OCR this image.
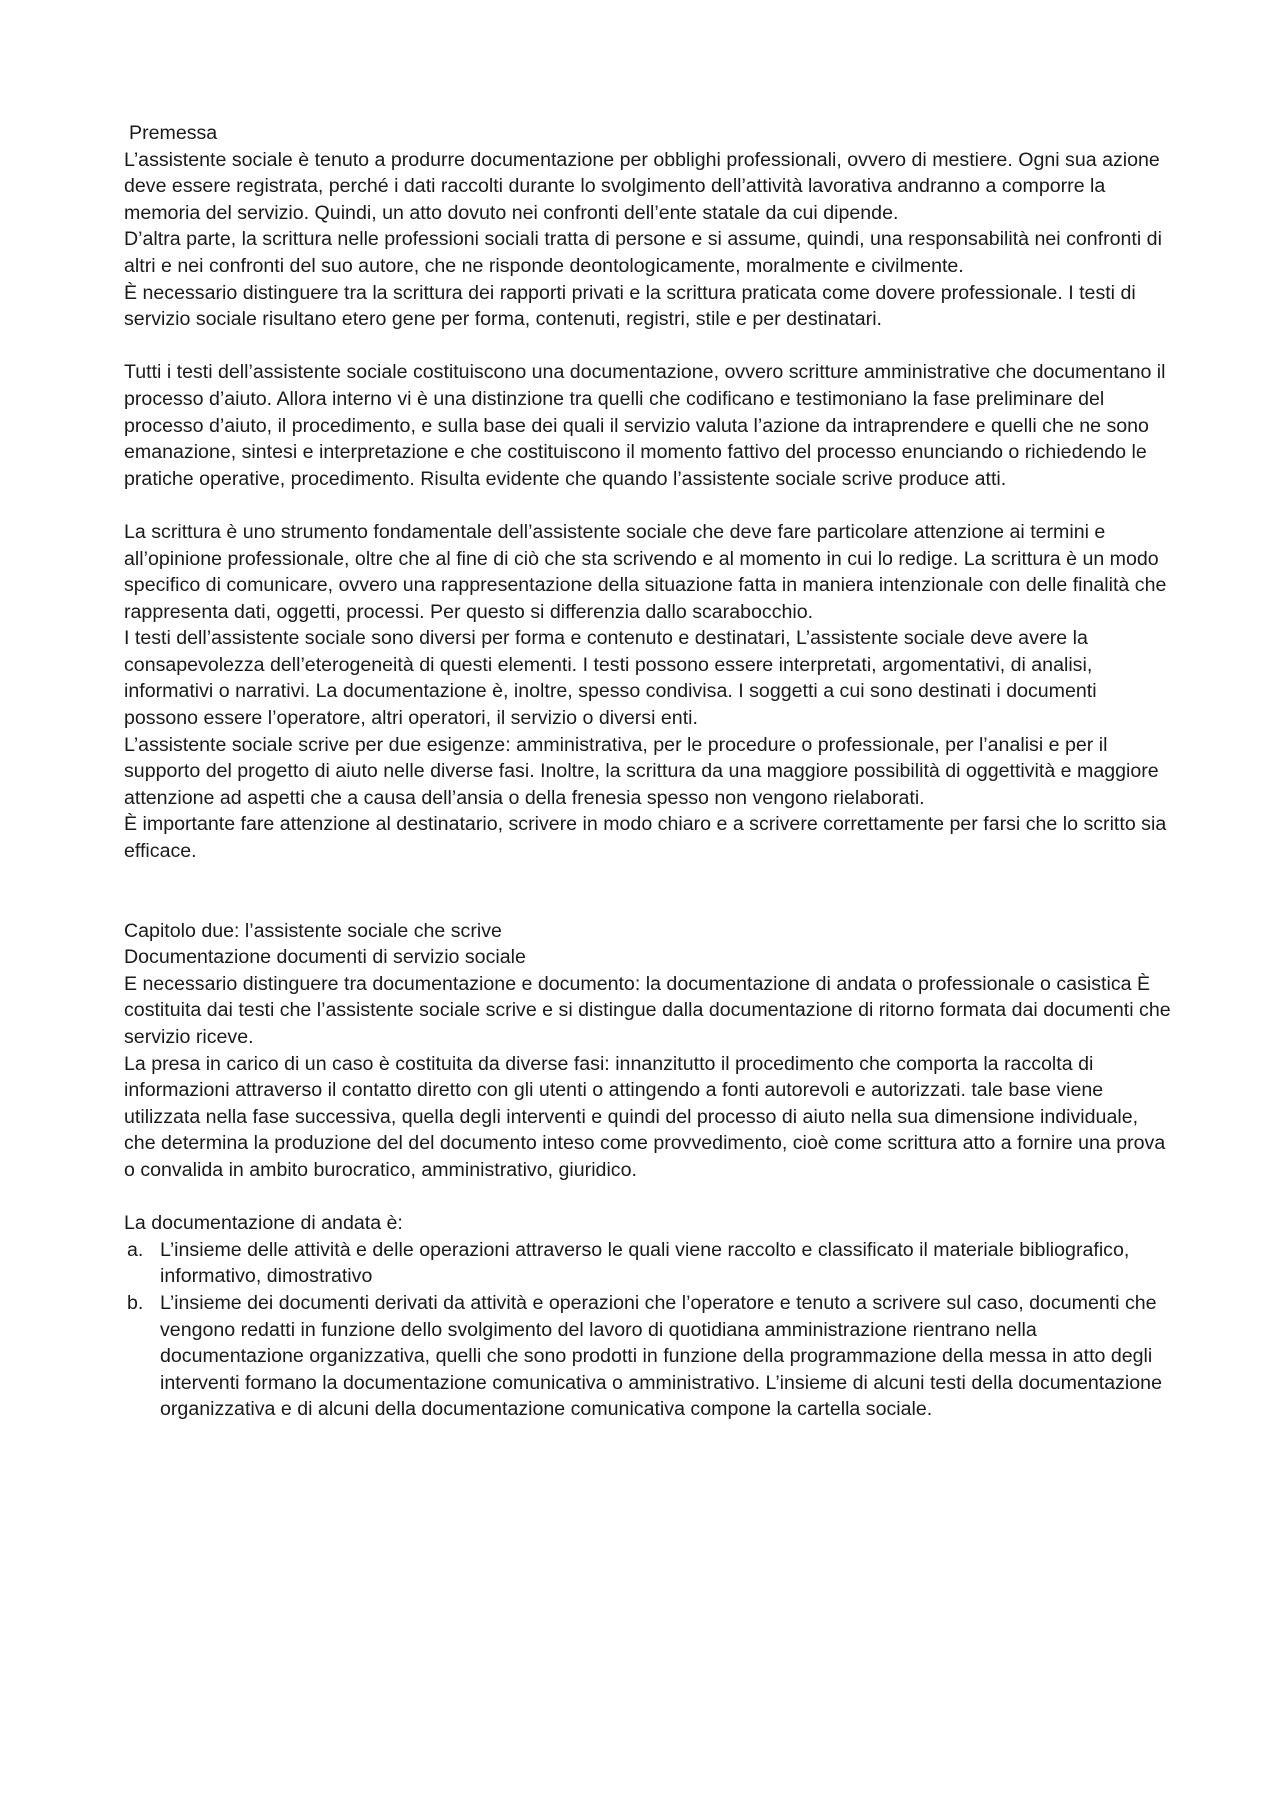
Premessa

L’assistente sociale è tenuto a produrre documentazione per obblighi professionali, ovvero di mestiere. Ogni sua azione deve essere registrata, perché i dati raccolti durante lo svolgimento dell’attività lavorativa andranno a comporre la memoria del servizio. Quindi, un atto dovuto nei confronti dell’ente statale da cui dipende.

D’altra parte, la scrittura nelle professioni sociali tratta di persone e si assume, quindi, una responsabilità nei confronti di altri e nei confronti del suo autore, che ne risponde deontologicamente, moralmente e civilmente.

È necessario distinguere tra la scrittura dei rapporti privati e la scrittura praticata come dovere professionale. I testi di servizio sociale risultano etero gene per forma, contenuti, registri, stile e per destinatari.

Tutti i testi dell’assistente sociale costituiscono una documentazione, ovvero scritture amministrative che documentano il processo d’aiuto. Allora interno vi è una distinzione tra quelli che codificano e testimoniano la fase preliminare del processo d’aiuto, il procedimento, e sulla base dei quali il servizio valuta l’azione da intraprendere e quelli che ne sono emanazione, sintesi e interpretazione e che costituiscono il momento fattivo del processo enunciando o richiedendo le pratiche operative, procedimento. Risulta evidente che quando l’assistente sociale scrive produce atti.

La scrittura è uno strumento fondamentale dell’assistente sociale che deve fare particolare attenzione ai termini e all’opinione professionale, oltre che al fine di ciò che sta scrivendo e al momento in cui lo redige. La scrittura è un modo specifico di comunicare, ovvero una rappresentazione della situazione fatta in maniera intenzionale con delle finalità che rappresenta dati, oggetti, processi. Per questo si differenzia dallo scarabocchio.

I testi dell’assistente sociale sono diversi per forma e contenuto e destinatari, L’assistente sociale deve avere la consapevolezza dell’eterogeneità di questi elementi. I testi possono essere interpretati, argomentativi, di analisi, informativi o narrativi. La documentazione è, inoltre, spesso condivisa. I soggetti a cui sono destinati i documenti possono essere l’operatore, altri operatori, il servizio o diversi enti.

L’assistente sociale scrive per due esigenze: amministrativa, per le procedure o professionale, per l’analisi e per il supporto del progetto di aiuto nelle diverse fasi. Inoltre, la scrittura da una maggiore possibilità di oggettività e maggiore attenzione ad aspetti che a causa dell’ansia o della frenesia spesso non vengono rielaborati.

È importante fare attenzione al destinatario, scrivere in modo chiaro e a scrivere correttamente per farsi che lo scritto sia efficace.

Capitolo due: l’assistente sociale che scrive

Documentazione documenti di servizio sociale

E necessario distinguere tra documentazione e documento: la documentazione di andata o professionale o casistica È costituita dai testi che l’assistente sociale scrive e si distingue dalla documentazione di ritorno formata dai documenti che servizio riceve.

La presa in carico di un caso è costituita da diverse fasi: innanzitutto il procedimento che comporta la raccolta di informazioni attraverso il contatto diretto con gli utenti o attingendo a fonti autorevoli e autorizzati. tale base viene utilizzata nella fase successiva, quella degli interventi e quindi del processo di aiuto nella sua dimensione individuale, che determina la produzione del del documento inteso come provvedimento, cioè come scrittura atto a fornire una prova o convalida in ambito burocratico, amministrativo, giuridico.

La documentazione di andata è:

a. L’insieme delle attività e delle operazioni attraverso le quali viene raccolto e classificato il materiale bibliografico, informativo, dimostrativo
b. L’insieme dei documenti derivati da attività e operazioni che l’operatore e tenuto a scrivere sul caso, documenti che vengono redatti in funzione dello svolgimento del lavoro di quotidiana amministrazione rientrano nella documentazione organizzativa, quelli che sono prodotti in funzione della programmazione della messa in atto degli interventi formano la documentazione comunicativa o amministrativo. L’insieme di alcuni testi della documentazione organizzativa e di alcuni della documentazione comunicativa compone la cartella sociale.
